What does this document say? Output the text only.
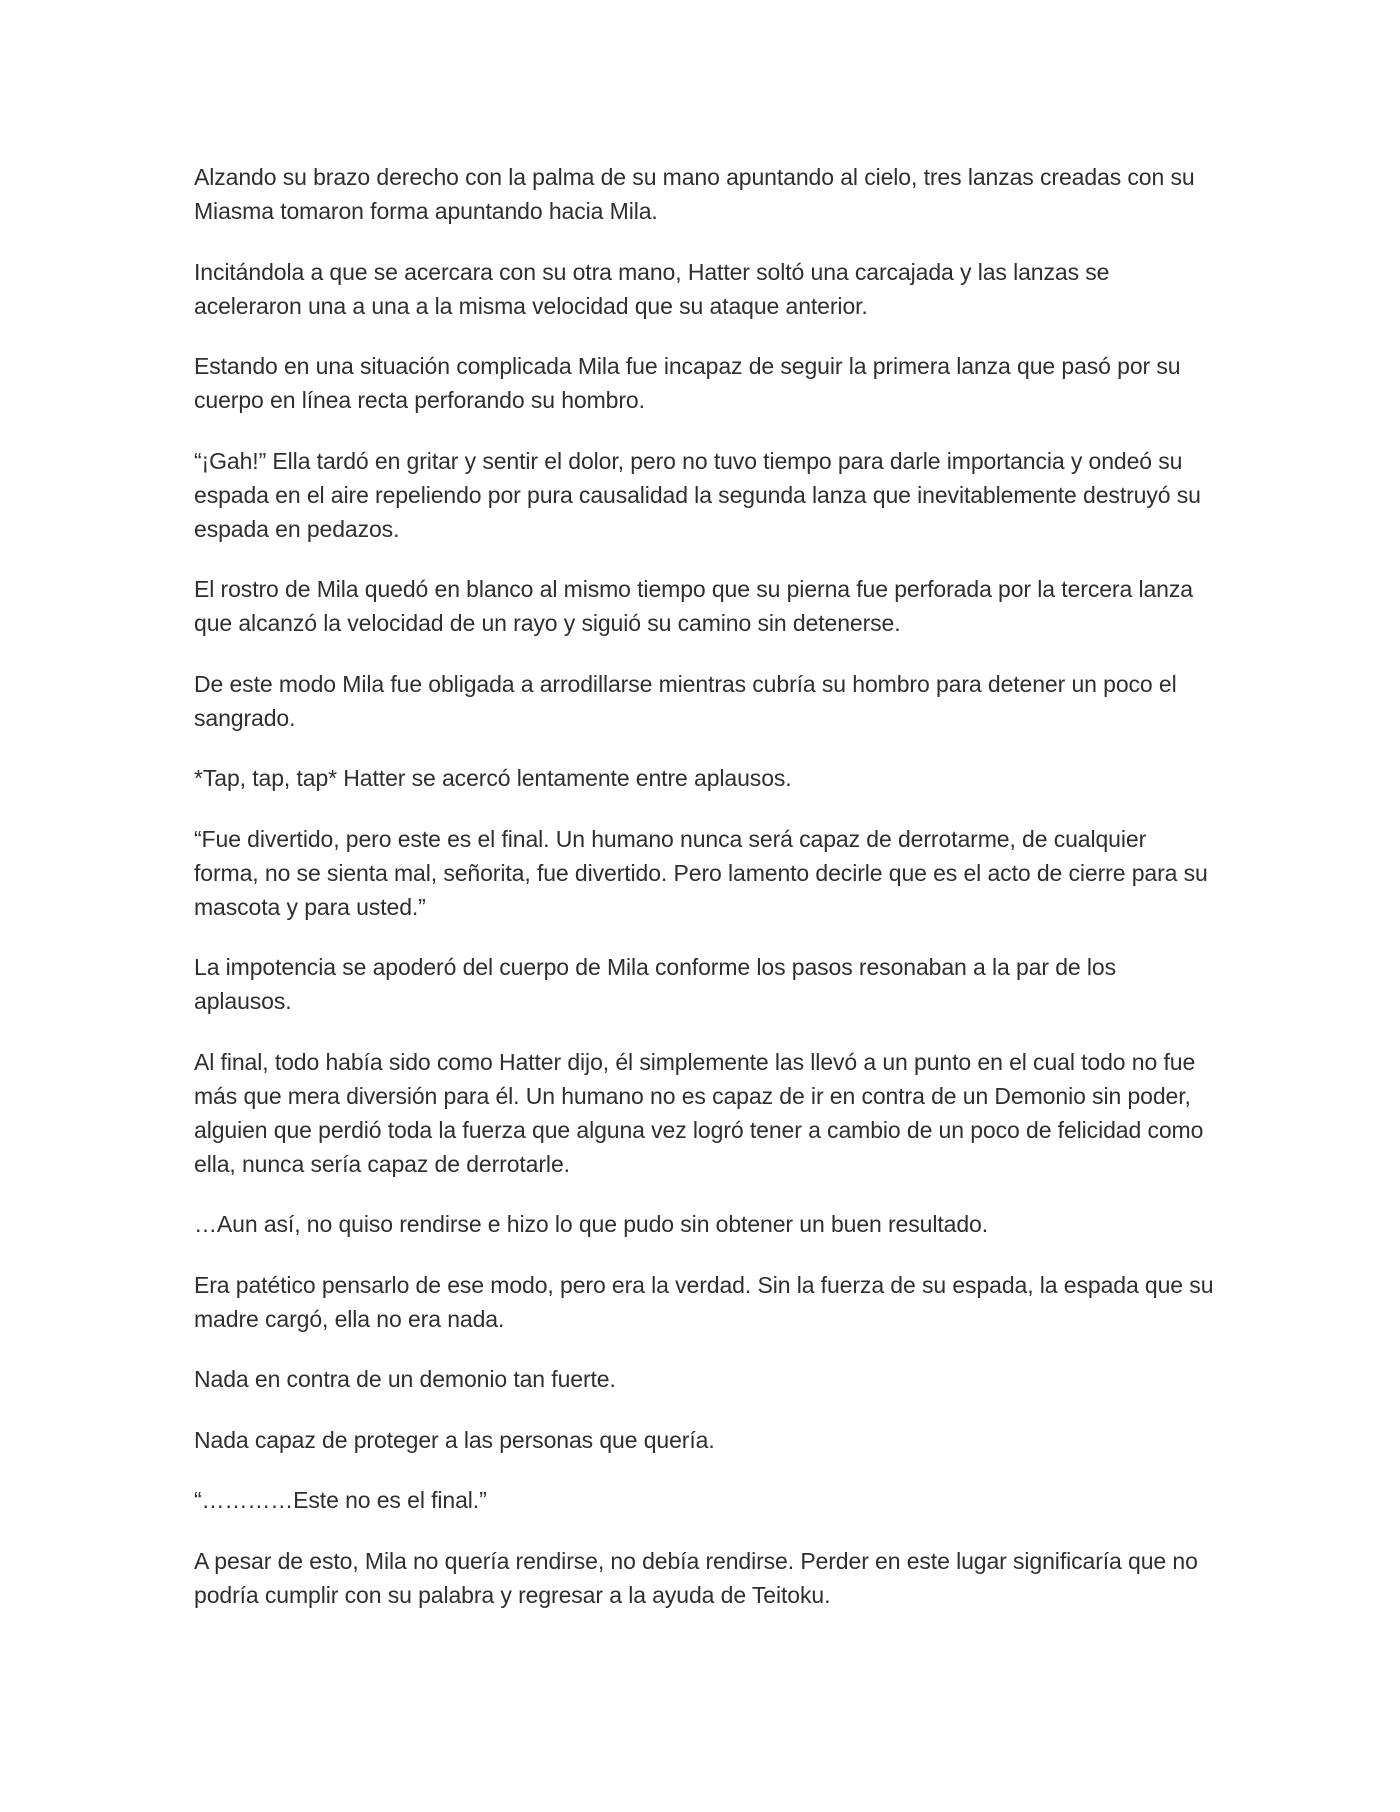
Alzando su brazo derecho con la palma de su mano apuntando al cielo, tres lanzas creadas con su Miasma tomaron forma apuntando hacia Mila.

Incitándola a que se acercara con su otra mano, Hatter soltó una carcajada y las lanzas se aceleraron una a una a la misma velocidad que su ataque anterior.

Estando en una situación complicada Mila fue incapaz de seguir la primera lanza que pasó por su cuerpo en línea recta perforando su hombro.

“¡Gah!” Ella tardó en gritar y sentir el dolor, pero no tuvo tiempo para darle importancia y ondeó su espada en el aire repeliendo por pura causalidad la segunda lanza que inevitablemente destruyó su espada en pedazos.

El rostro de Mila quedó en blanco al mismo tiempo que su pierna fue perforada por la tercera lanza que alcanzó la velocidad de un rayo y siguió su camino sin detenerse.

De este modo Mila fue obligada a arrodillarse mientras cubría su hombro para detener un poco el sangrado.

*Tap, tap, tap* Hatter se acercó lentamente entre aplausos.

“Fue divertido, pero este es el final. Un humano nunca será capaz de derrotarme, de cualquier forma, no se sienta mal, señorita, fue divertido. Pero lamento decirle que es el acto de cierre para su mascota y para usted.”

La impotencia se apoderó del cuerpo de Mila conforme los pasos resonaban a la par de los aplausos.

Al final, todo había sido como Hatter dijo, él simplemente las llevó a un punto en el cual todo no fue más que mera diversión para él. Un humano no es capaz de ir en contra de un Demonio sin poder, alguien que perdió toda la fuerza que alguna vez logró tener a cambio de un poco de felicidad como ella, nunca sería capaz de derrotarle.

…Aun así, no quiso rendirse e hizo lo que pudo sin obtener un buen resultado.

Era patético pensarlo de ese modo, pero era la verdad. Sin la fuerza de su espada, la espada que su madre cargó, ella no era nada.

Nada en contra de un demonio tan fuerte.

Nada capaz de proteger a las personas que quería.

“…………Este no es el final.”

A pesar de esto, Mila no quería rendirse, no debía rendirse. Perder en este lugar significaría que no podría cumplir con su palabra y regresar a la ayuda de Teitoku.
